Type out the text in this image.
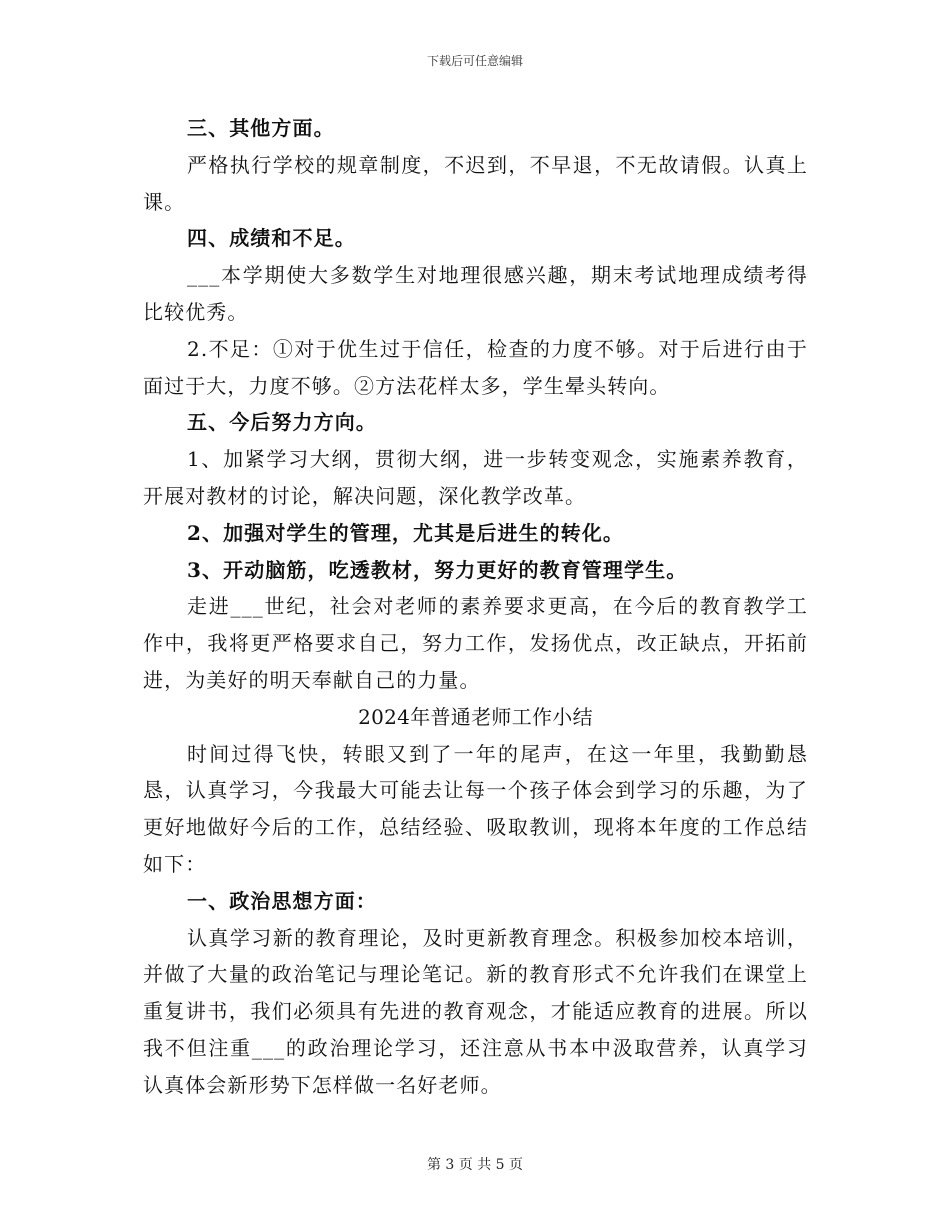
下载后可任意编辑

三、其他方面。

严格执行学校的规章制度，不迟到，不早退，不无故请假。认真上课。

四、成绩和不足。

___本学期使大多数学生对地理很感兴趣，期末考试地理成绩考得比较优秀。

2.不足：①对于优生过于信任，检查的力度不够。对于后进行由于面过于大，力度不够。②方法花样太多，学生晕头转向。

五、今后努力方向。

1、加紧学习大纲，贯彻大纲，进一步转变观念，实施素养教育，开展对教材的讨论，解决问题，深化教学改革。

2、加强对学生的管理，尤其是后进生的转化。

3、开动脑筋，吃透教材，努力更好的教育管理学生。

走进___世纪，社会对老师的素养要求更高，在今后的教育教学工作中，我将更严格要求自己，努力工作，发扬优点，改正缺点，开拓前进，为美好的明天奉献自己的力量。

2024年普通老师工作小结

时间过得飞快，转眼又到了一年的尾声，在这一年里，我勤勤恳恳，认真学习，今我最大可能去让每一个孩子体会到学习的乐趣，为了更好地做好今后的工作，总结经验、吸取教训，现将本年度的工作总结如下：

一、政治思想方面：

认真学习新的教育理论，及时更新教育理念。积极参加校本培训，并做了大量的政治笔记与理论笔记。新的教育形式不允许我们在课堂上重复讲书，我们必须具有先进的教育观念，才能适应教育的进展。所以我不但注重___的政治理论学习，还注意从书本中汲取营养，认真学习认真体会新形势下怎样做一名好老师。

第 3 页 共 5 页
